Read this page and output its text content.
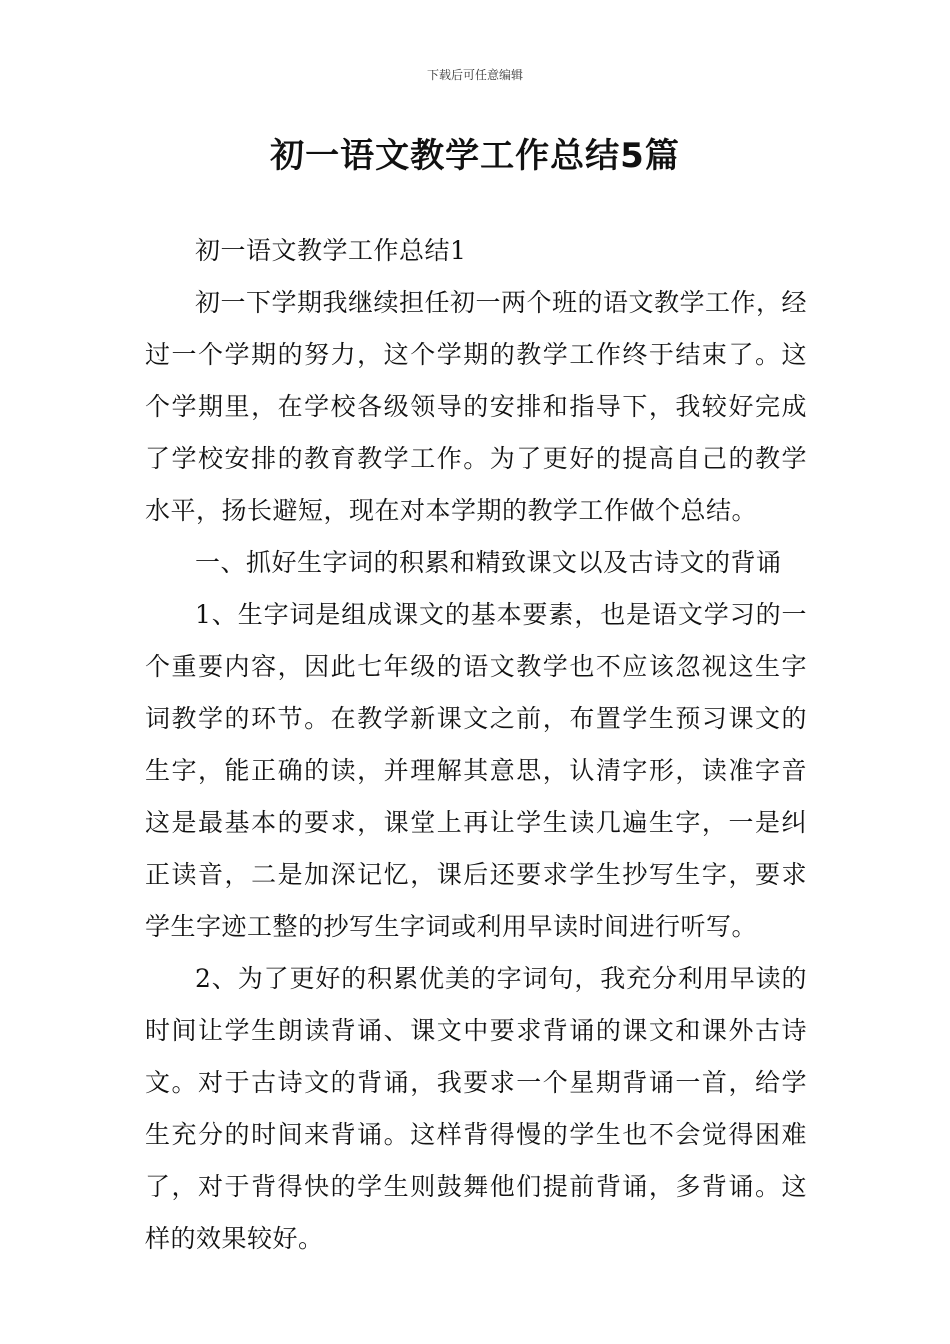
下载后可任意编辑
初一语文教学工作总结5篇

初一语文教学工作总结1

初一下学期我继续担任初一两个班的语文教学工作，经过一个学期的努力，这个学期的教学工作终于结束了。这个学期里，在学校各级领导的安排和指导下，我较好完成了学校安排的教育教学工作。为了更好的提高自己的教学水平，扬长避短，现在对本学期的教学工作做个总结。

一、抓好生字词的积累和精致课文以及古诗文的背诵

1、生字词是组成课文的基本要素，也是语文学习的一个重要内容，因此七年级的语文教学也不应该忽视这生字词教学的环节。在教学新课文之前，布置学生预习课文的生字，能正确的读，并理解其意思，认清字形，读准字音这是最基本的要求，课堂上再让学生读几遍生字，一是纠正读音，二是加深记忆，课后还要求学生抄写生字，要求学生字迹工整的抄写生字词或利用早读时间进行听写。

2、为了更好的积累优美的字词句，我充分利用早读的时间让学生朗读背诵、课文中要求背诵的课文和课外古诗文。对于古诗文的背诵，我要求一个星期背诵一首，给学生充分的时间来背诵。这样背得慢的学生也不会觉得困难了，对于背得快的学生则鼓舞他们提前背诵，多背诵。这样的效果较好。
